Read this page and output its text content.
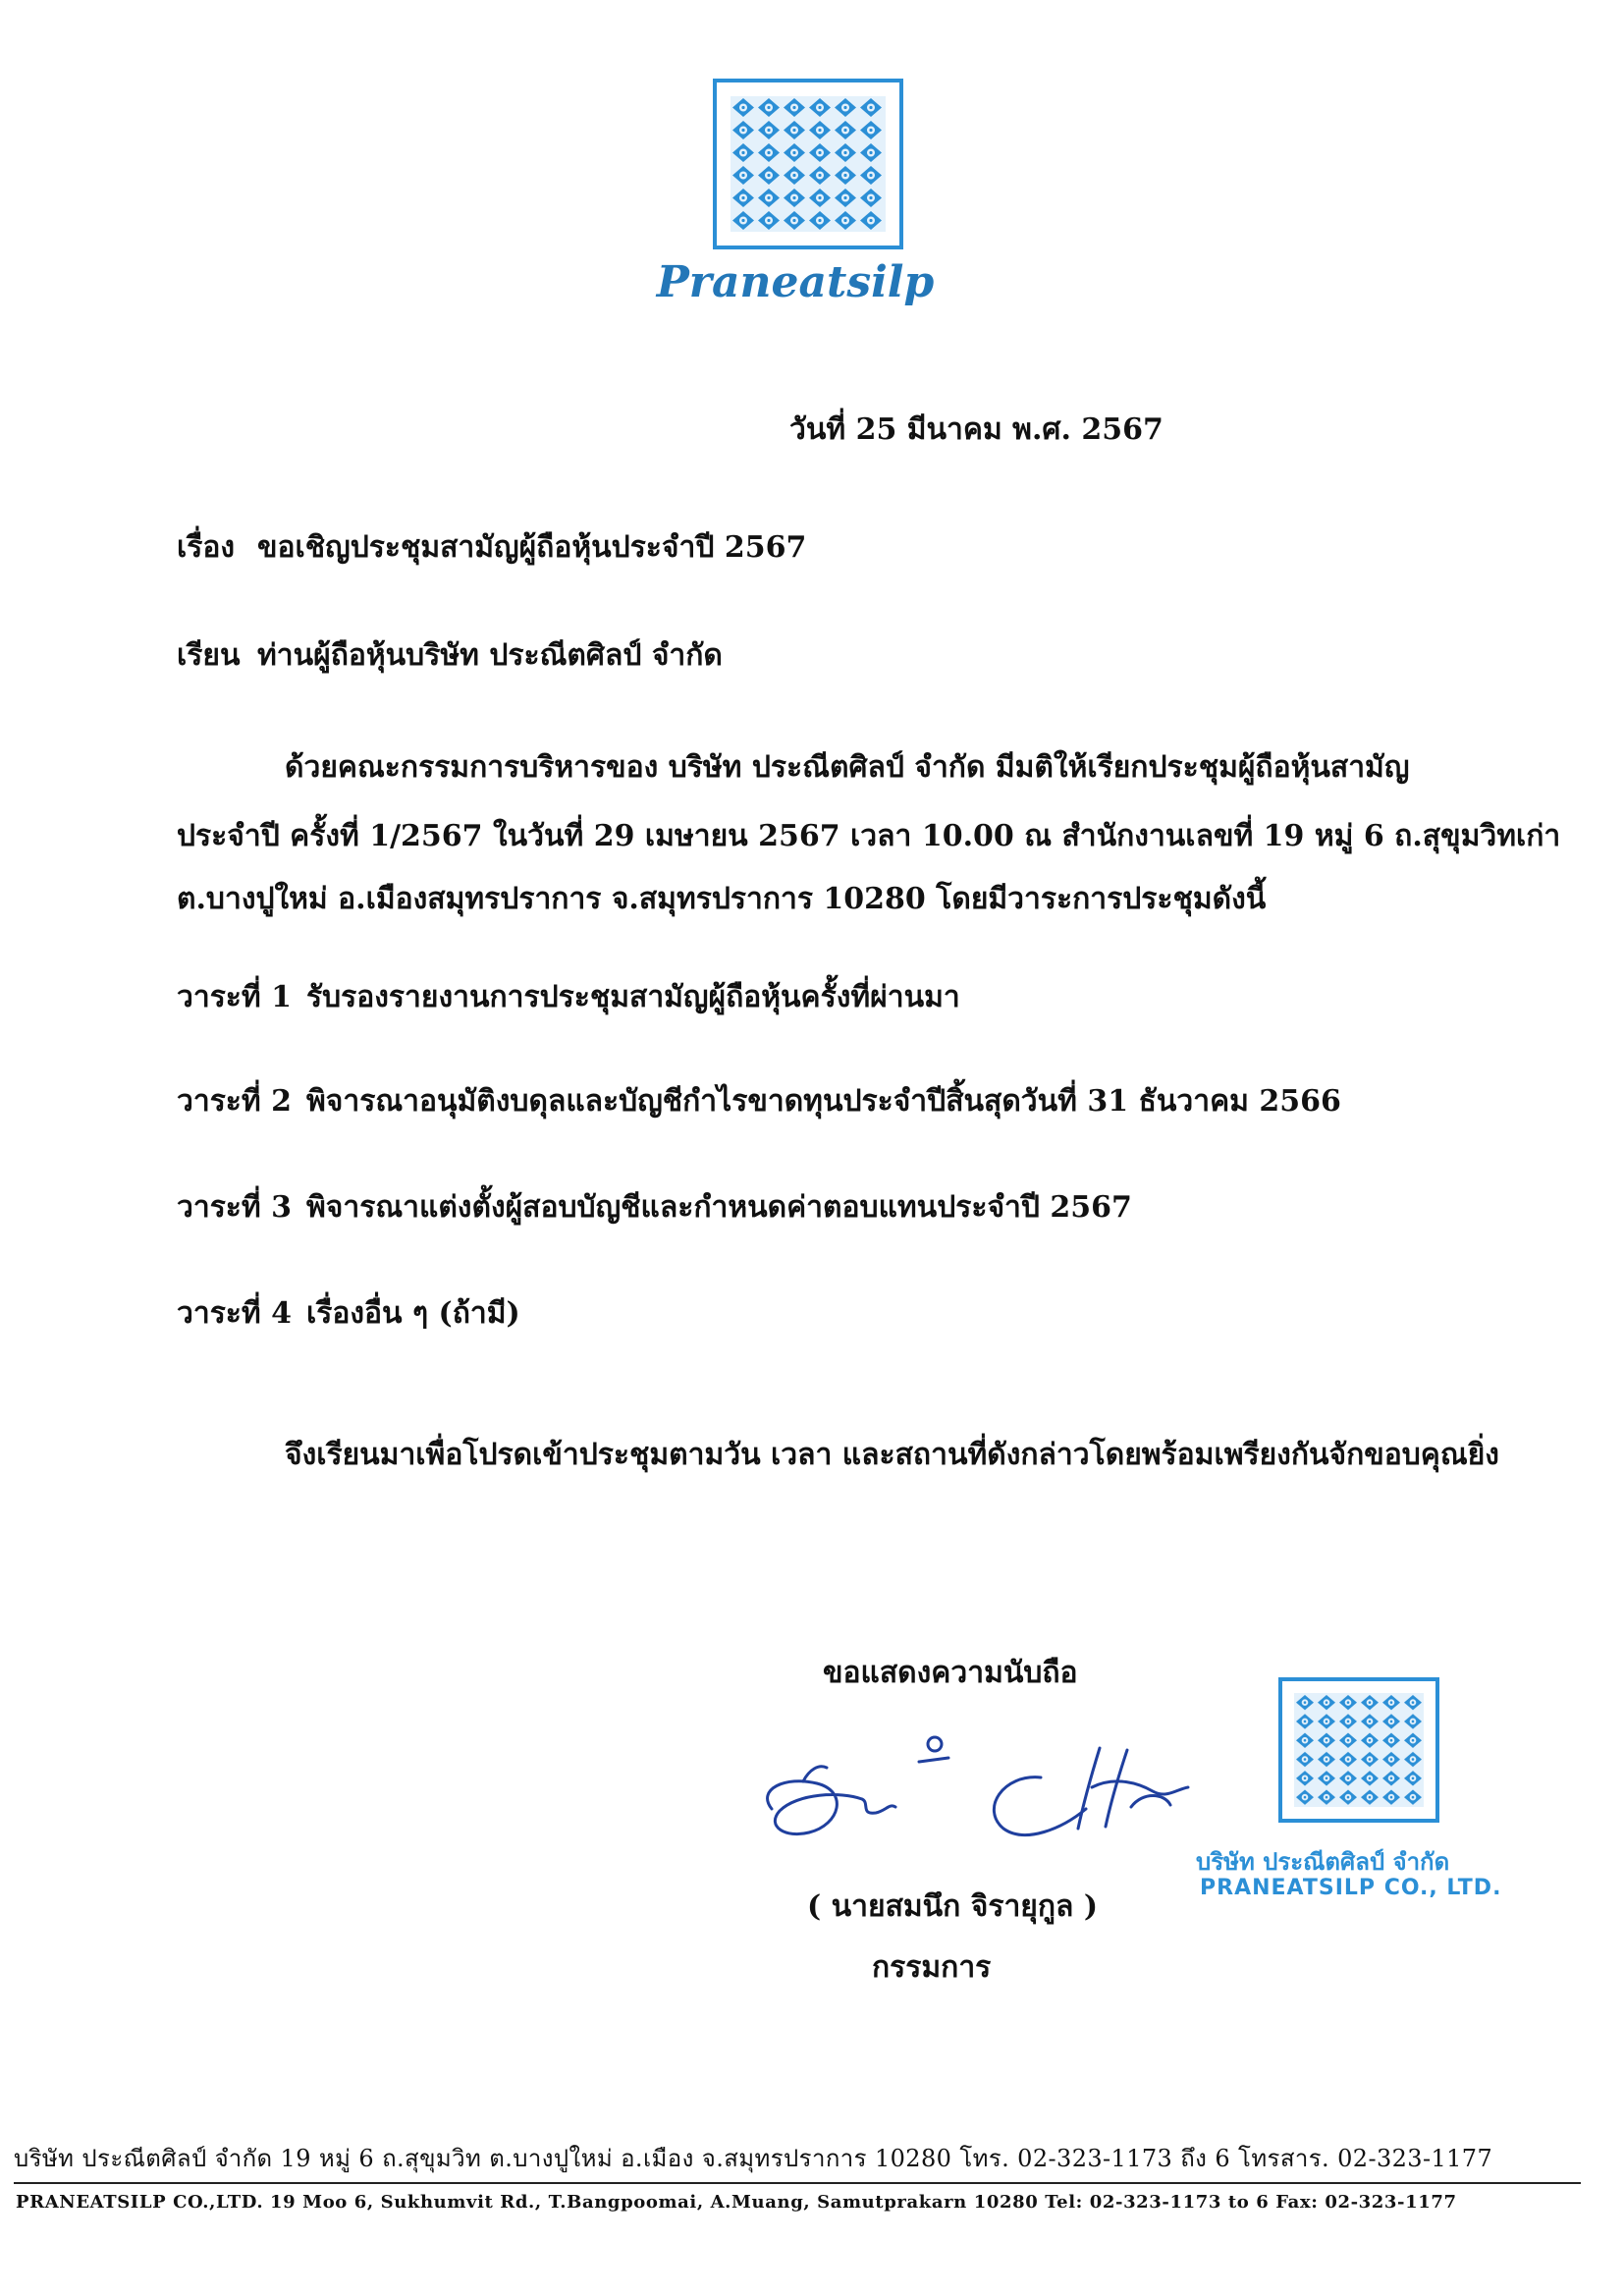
Praneatsilp
วันที่ 25 มีนาคม พ.ศ. 2567
เรื่อง ขอเชิญประชุมสามัญผู้ถือหุ้นประจำปี 2567
เรียน ท่านผู้ถือหุ้นบริษัท ประณีตศิลป์ จำกัด
ด้วยคณะกรรมการบริหารของ บริษัท ประณีตศิลป์ จำกัด มีมติให้เรียกประชุมผู้ถือหุ้นสามัญ
ประจำปี ครั้งที่ 1/2567 ในวันที่ 29 เมษายน 2567 เวลา 10.00 ณ สำนักงานเลขที่ 19 หมู่ 6 ถ.สุขุมวิทเก่า
ต.บางปูใหม่ อ.เมืองสมุทรปราการ จ.สมุทรปราการ 10280 โดยมีวาระการประชุมดังนี้
วาระที่ 1 รับรองรายงานการประชุมสามัญผู้ถือหุ้นครั้งที่ผ่านมา
วาระที่ 2 พิจารณาอนุมัติงบดุลและบัญชีกำไรขาดทุนประจำปีสิ้นสุดวันที่ 31 ธันวาคม 2566
วาระที่ 3 พิจารณาแต่งตั้งผู้สอบบัญชีและกำหนดค่าตอบแทนประจำปี 2567
วาระที่ 4 เรื่องอื่น ๆ (ถ้ามี)
จึงเรียนมาเพื่อโปรดเข้าประชุมตามวัน เวลา และสถานที่ดังกล่าวโดยพร้อมเพรียงกันจักขอบคุณยิ่ง
ขอแสดงความนับถือ
( นายสมนึก จิรายุกูล )
กรรมการ
บริษัท ประณีตศิลป์ จำกัด
PRANEATSILP CO., LTD.
บริษัท ประณีตศิลป์ จำกัด 19 หมู่ 6 ถ.สุขุมวิท ต.บางปูใหม่ อ.เมือง จ.สมุทรปราการ 10280 โทร. 02-323-1173 ถึง 6 โทรสาร. 02-323-1177
PRANEATSILP CO.,LTD. 19 Moo 6, Sukhumvit Rd., T.Bangpoomai, A.Muang, Samutprakarn 10280 Tel: 02-323-1173 to 6 Fax: 02-323-1177
